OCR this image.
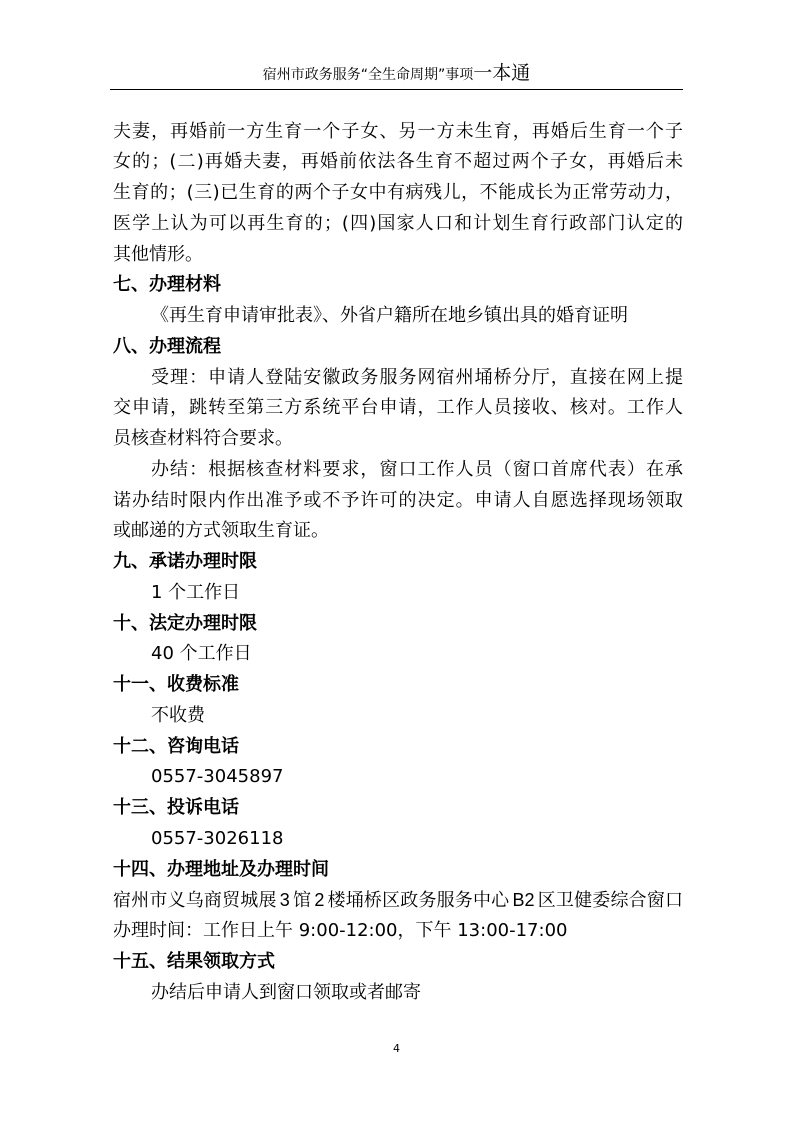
宿州市政务服务“全生命周期”事项一本通
夫妻，再婚前一方生育一个子女、另一方未生育，再婚后生育一个子
女的；(二)再婚夫妻，再婚前依法各生育不超过两个子女，再婚后未
生育的；(三)已生育的两个子女中有病残儿，不能成长为正常劳动力，
医学上认为可以再生育的；(四)国家人口和计划生育行政部门认定的
其他情形。
七、办理材料
《再生育申请审批表》、外省户籍所在地乡镇出具的婚育证明
八、办理流程
受理：申请人登陆安徽政务服务网宿州埇桥分厅，直接在网上提
交申请，跳转至第三方系统平台申请，工作人员接收、核对。工作人
员核查材料符合要求。
办结：根据核查材料要求，窗口工作人员（窗口首席代表）在承
诺办结时限内作出准予或不予许可的决定。申请人自愿选择现场领取
或邮递的方式领取生育证。
九、承诺办理时限
1 个工作日
十、法定办理时限
40 个工作日
十一、收费标准
不收费
十二、咨询电话
0557-3045897
十三、投诉电话
0557-3026118
十四、办理地址及办理时间
宿州市义乌商贸城展 3 馆 2 楼埇桥区政务服务中心 B2 区卫健委综合窗口
办理时间：工作日上午 9:00-12:00，下午 13:00-17:00
十五、结果领取方式
办结后申请人到窗口领取或者邮寄
4
